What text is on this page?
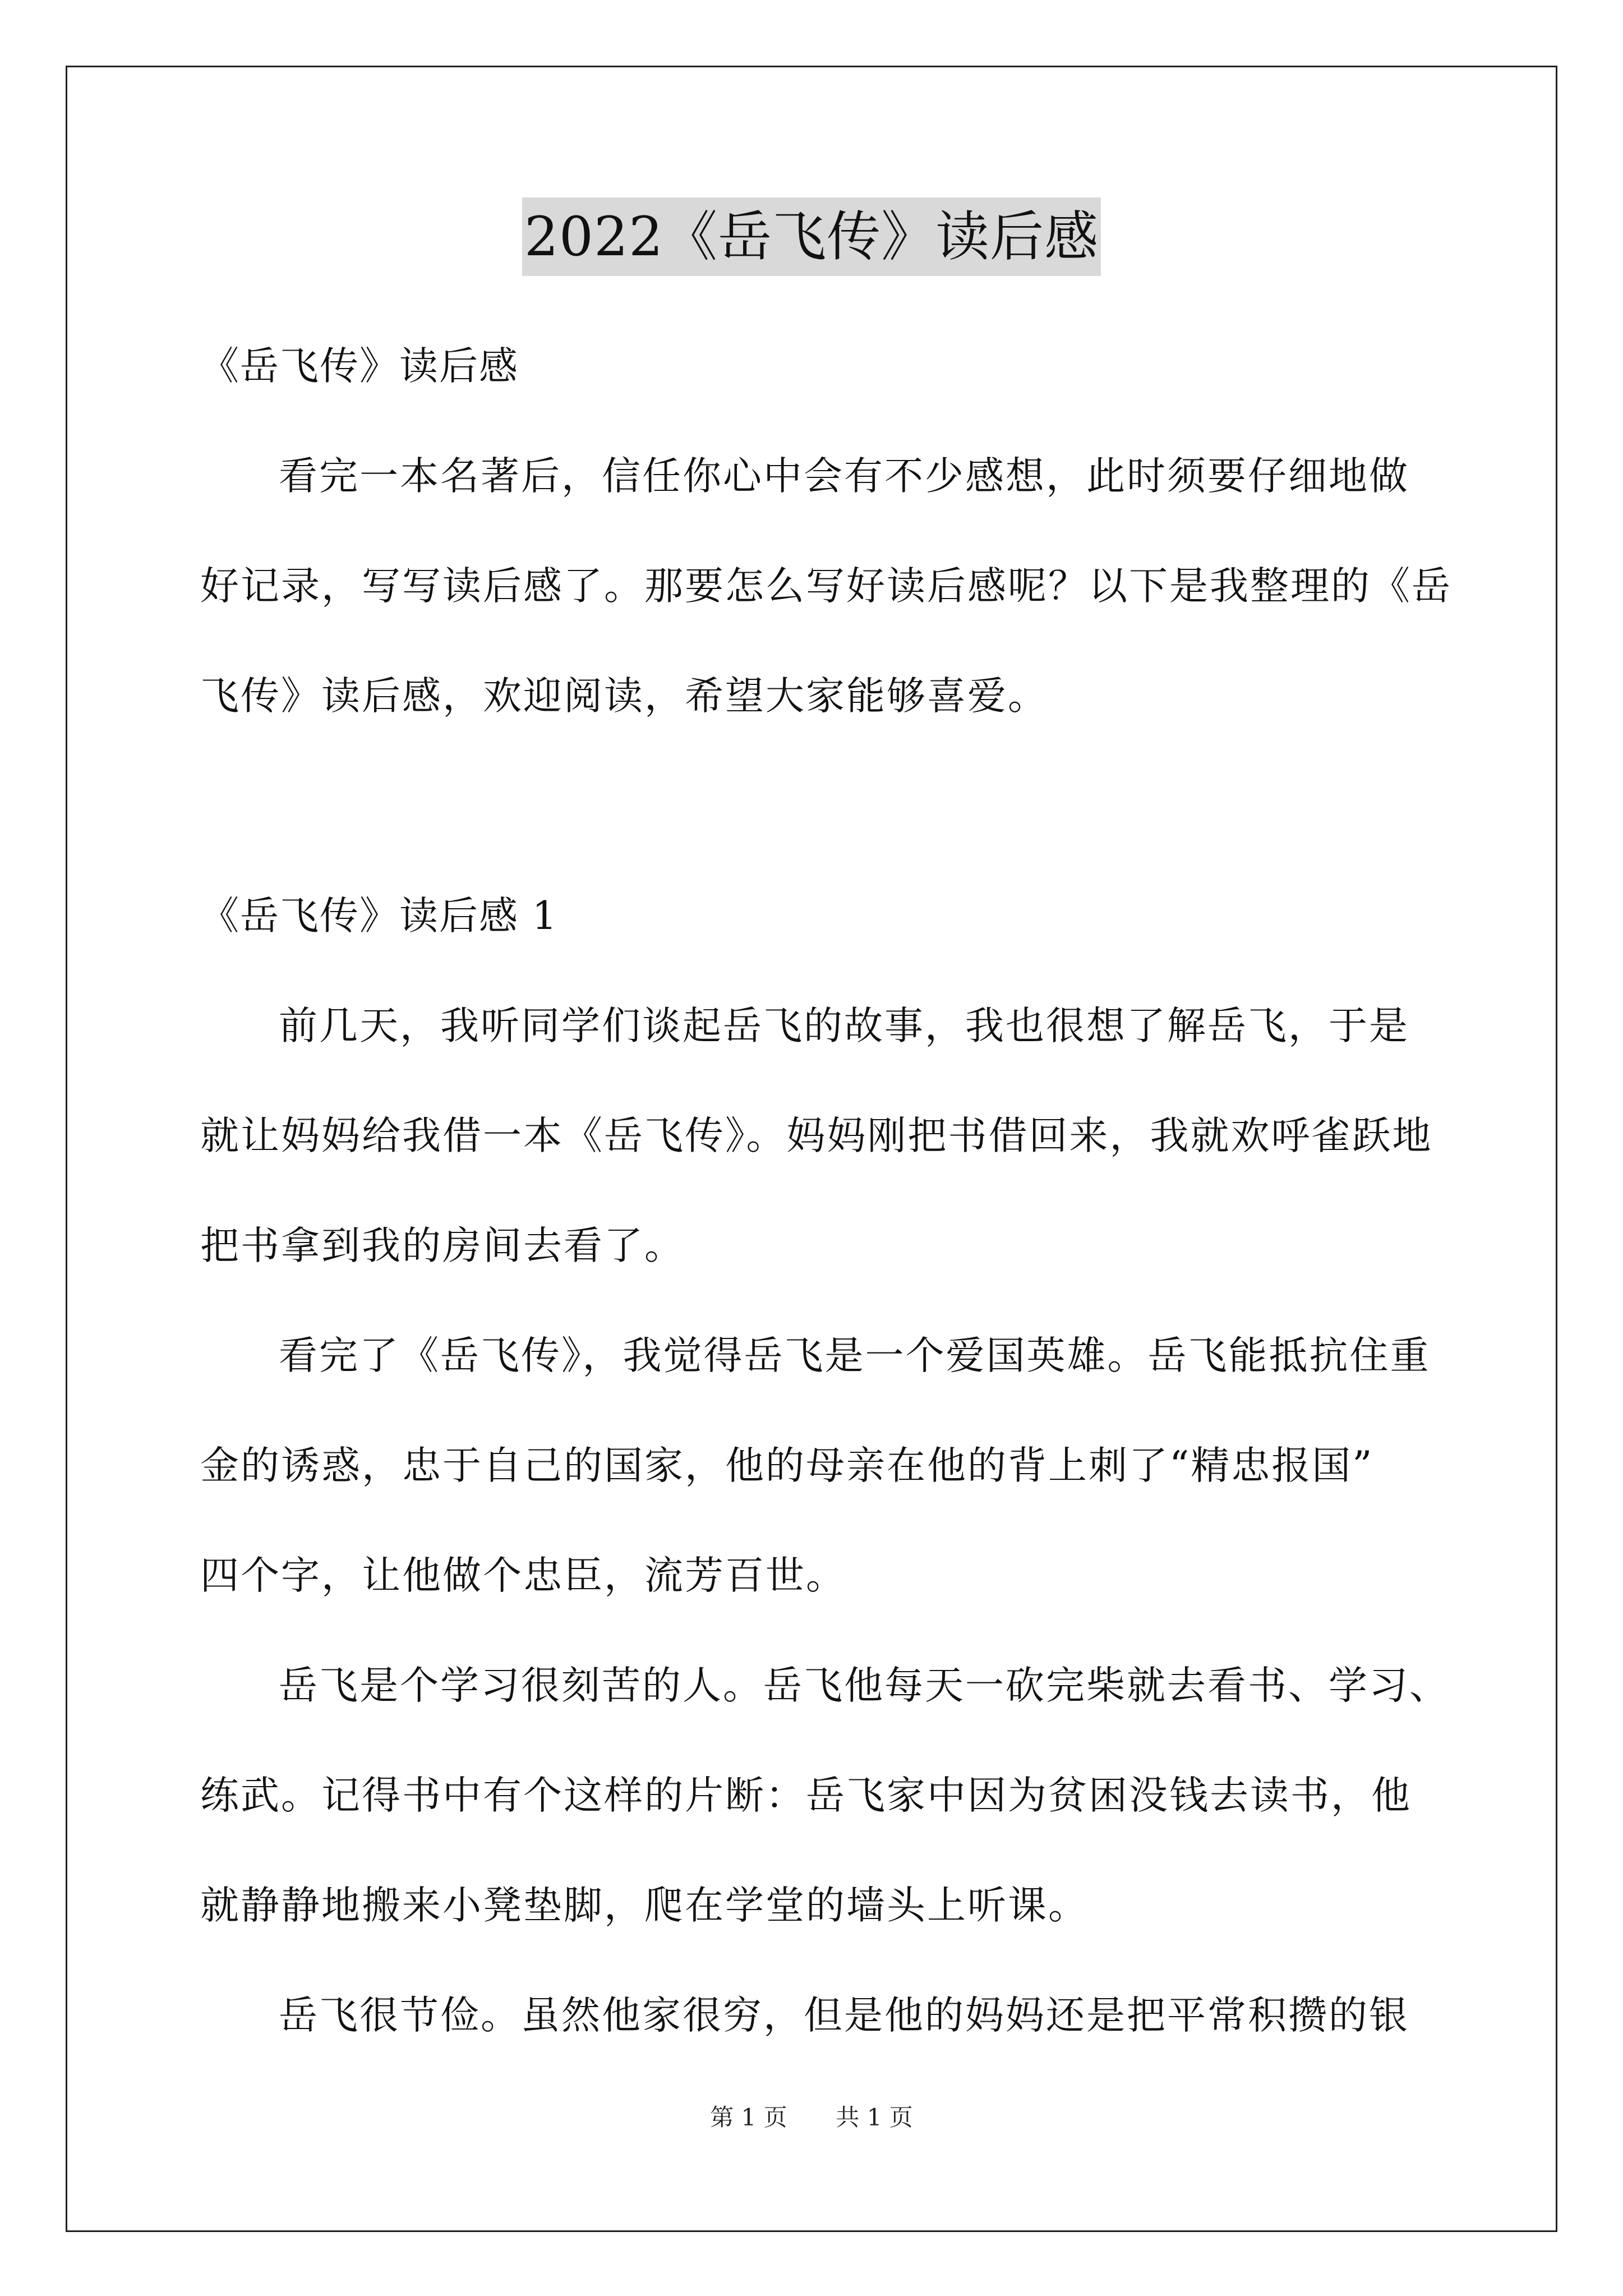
2022《岳飞传》读后感
《岳飞传》读后感
看完一本名著后，信任你心中会有不少感想，此时须要仔细地做
好记录，写写读后感了。那要怎么写好读后感呢？以下是我整理的《岳
飞传》读后感，欢迎阅读，希望大家能够喜爱。
《岳飞传》读后感 1
前几天，我听同学们谈起岳飞的故事，我也很想了解岳飞，于是
就让妈妈给我借一本《岳飞传》。妈妈刚把书借回来，我就欢呼雀跃地
把书拿到我的房间去看了。
看完了《岳飞传》，我觉得岳飞是一个爱国英雄。岳飞能抵抗住重
金的诱惑，忠于自己的国家，他的母亲在他的背上刺了“精忠报国”
四个字，让他做个忠臣，流芳百世。
岳飞是个学习很刻苦的人。岳飞他每天一砍完柴就去看书、学习、
练武。记得书中有个这样的片断：岳飞家中因为贫困没钱去读书，他
就静静地搬来小凳垫脚，爬在学堂的墙头上听课。
岳飞很节俭。虽然他家很穷，但是他的妈妈还是把平常积攒的银
第 1 页 共 1 页
